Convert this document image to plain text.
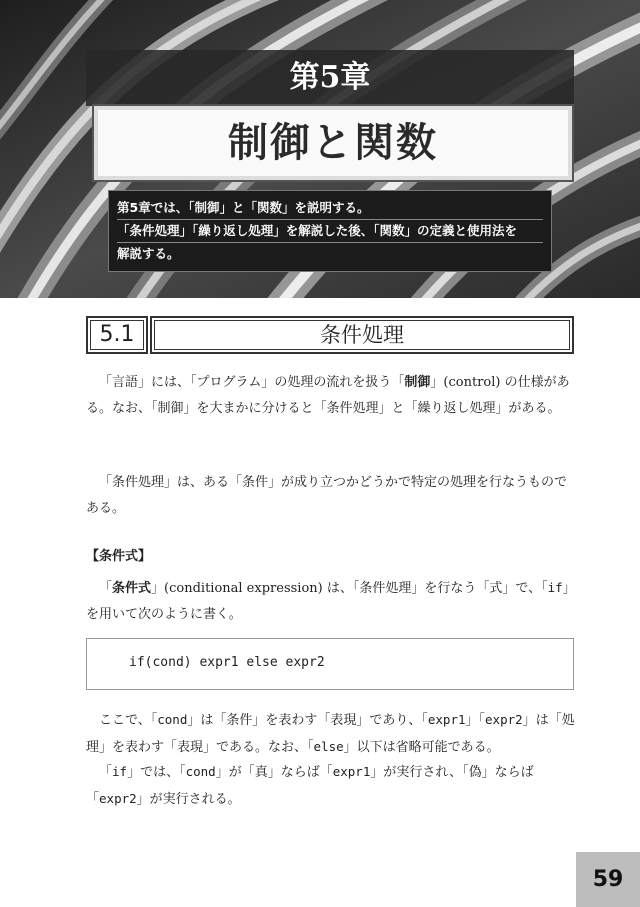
第5章
制御と関数
第5章では、「制御」と「関数」を説明する。
「条件処理」「繰り返し処理」を解説した後、「関数」の定義と使用法を
解説する。
5.1	条件処理
「言語」には、「プログラム」の処理の流れを扱う「制御」(control) の仕様がある。なお、「制御」を大まかに分けると「条件処理」と「繰り返し処理」がある。
「条件処理」は、ある「条件」が成り立つかどうかで特定の処理を行なうものである。
【条件式】
「条件式」(conditional expression) は、「条件処理」を行なう「式」で、「if」を用いて次のように書く。
if(cond) expr1 else expr2
ここで、「cond」は「条件」を表わす「表現」であり、「expr1」「expr2」は「処理」を表わす「表現」である。なお、「else」以下は省略可能である。
「if」では、「cond」が「真」ならば「expr1」が実行され、「偽」ならば「expr2」が実行される。
59
